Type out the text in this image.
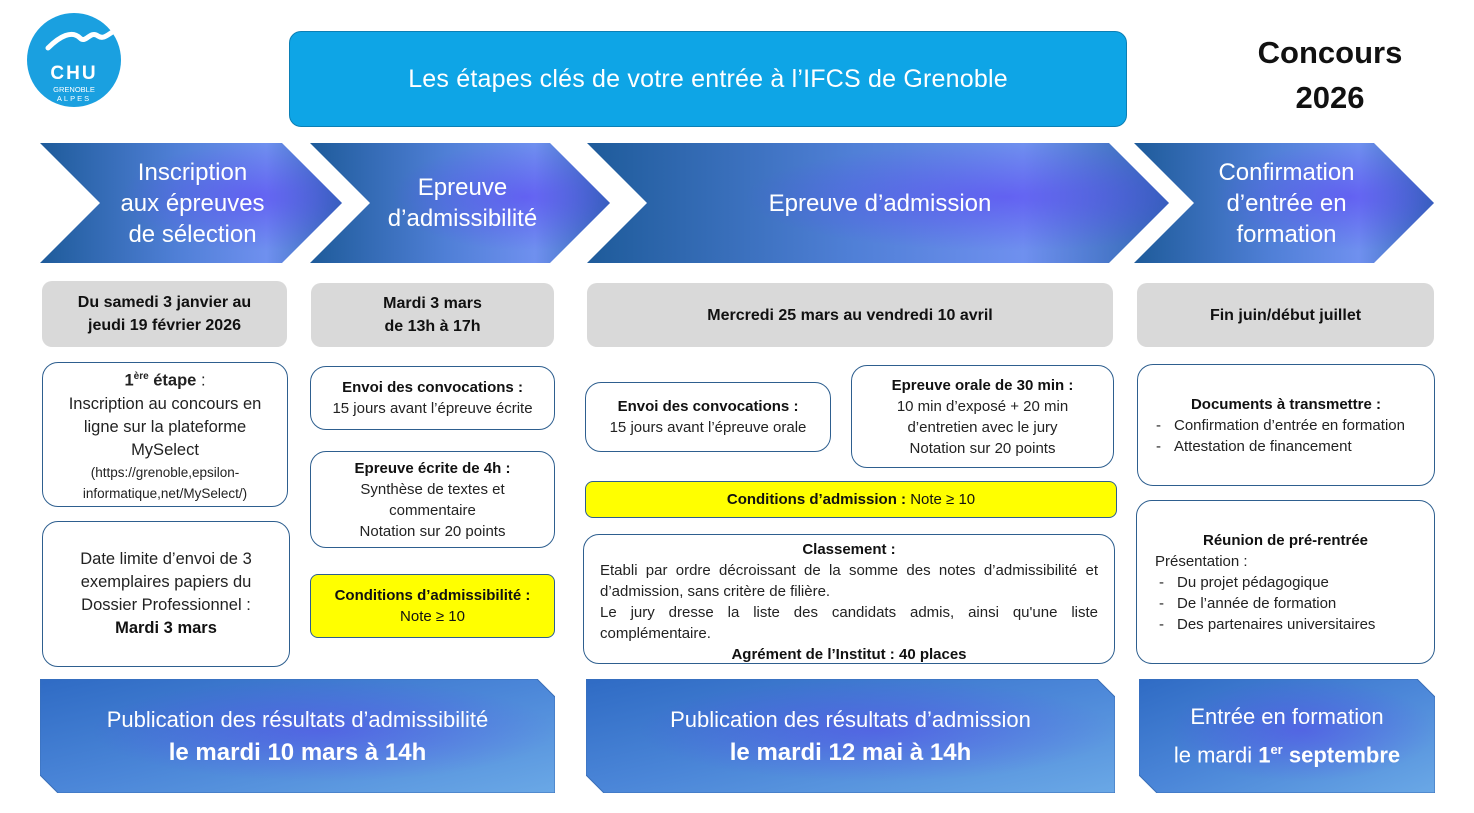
CHU
GRENOBLE
ALPES
Les étapes clés de votre entrée à l’IFCS de Grenoble
Concours
2026
Inscription
aux épreuves
de sélection
Epreuve
d’admissibilité
Epreuve d’admission
Confirmation
d’entrée en
formation
Du samedi 3 janvier au
jeudi 19 février 2026
Mardi 3 mars
de 13h à 17h
Mercredi 25 mars au vendredi 10 avril	Fin juin/début juillet
1ère étape :
Inscription au concours en ligne sur la plateforme MySelect
(https://grenoble,epsilon-informatique,net/MySelect/)
Date limite d’envoi de 3 exemplaires papiers du Dossier Professionnel :
Mardi 3 mars
Envoi des convocations :
15 jours avant l’épreuve écrite
Epreuve écrite de 4h :
Synthèse de textes et commentaire
Notation sur 20 points
Conditions d’admissibilité :
Note ≥ 10
Envoi des convocations :
15 jours avant l’épreuve orale
Epreuve orale de 30 min :
10 min d’exposé + 20 min d’entretien avec le jury
Notation sur 20 points
Conditions d’admission : Note ≥ 10
Classement :
Etabli par ordre décroissant de la somme des notes d’admissibilité et d’admission, sans critère de filière.
Le jury dresse la liste des candidats admis, ainsi qu'une liste complémentaire.
Agrément de l’Institut : 40 places
Documents à transmettre :
- Confirmation d’entrée en formation
- Attestation de financement
Réunion de pré-rentrée
Présentation :
- Du projet pédagogique
- De l’année de formation
- Des partenaires universitaires
Publication des résultats d’admissibilité
le mardi 10 mars à 14h
Publication des résultats d’admission
le mardi 12 mai à 14h
Entrée en formation
le mardi 1er septembre
